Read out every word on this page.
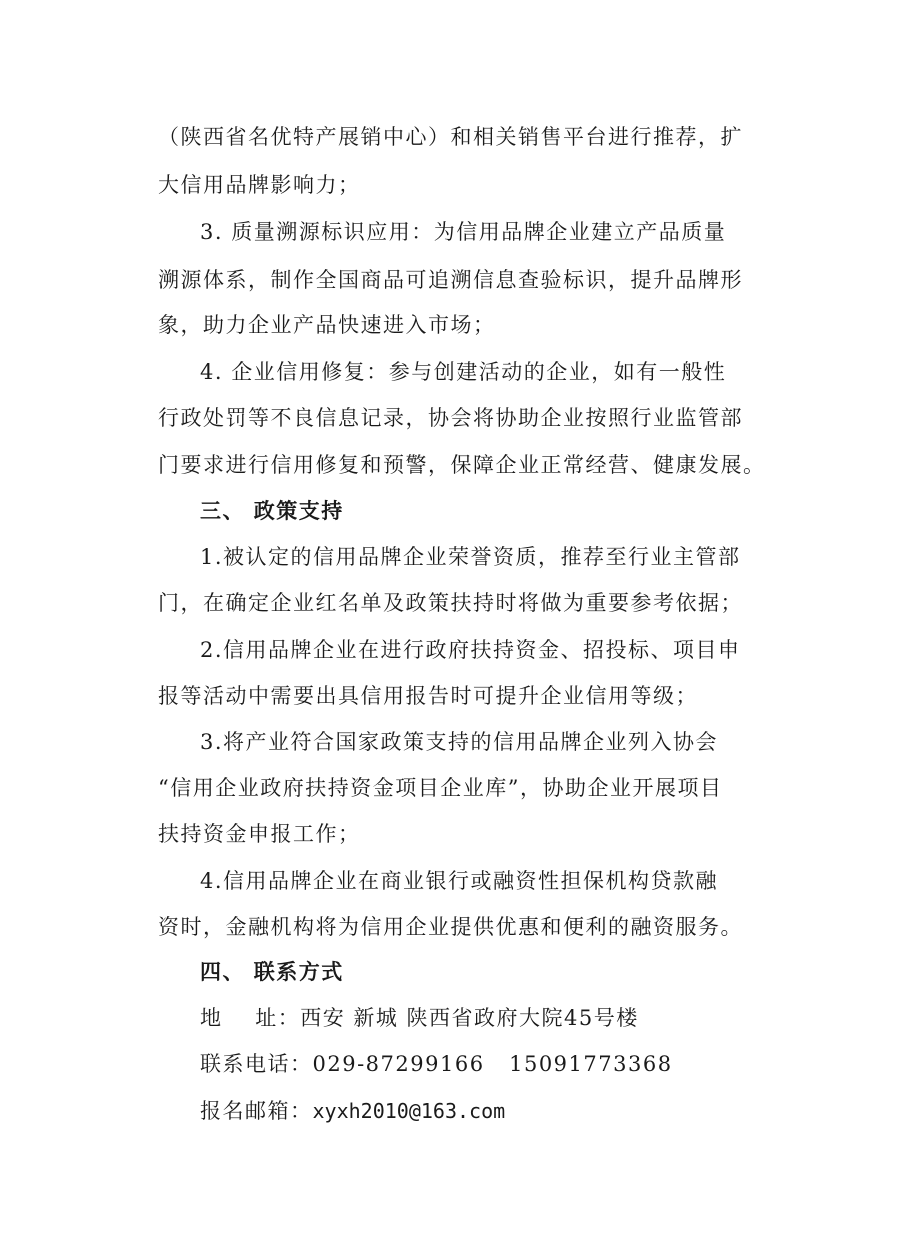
（陕西省名优特产展销中心）和相关销售平台进行推荐，扩
大信用品牌影响力；
3. 质量溯源标识应用：为信用品牌企业建立产品质量
溯源体系，制作全国商品可追溯信息查验标识，提升品牌形
象，助力企业产品快速进入市场；
4. 企业信用修复：参与创建活动的企业，如有一般性
行政处罚等不良信息记录，协会将协助企业按照行业监管部
门要求进行信用修复和预警，保障企业正常经营、健康发展。
三、 政策支持
1.被认定的信用品牌企业荣誉资质，推荐至行业主管部
门，在确定企业红名单及政策扶持时将做为重要参考依据；
2.信用品牌企业在进行政府扶持资金、招投标、项目申
报等活动中需要出具信用报告时可提升企业信用等级；
3.将产业符合国家政策支持的信用品牌企业列入协会
“信用企业政府扶持资金项目企业库”，协助企业开展项目
扶持资金申报工作；
4.信用品牌企业在商业银行或融资性担保机构贷款融
资时，金融机构将为信用企业提供优惠和便利的融资服务。
四、 联系方式
地    址：西安 新城 陕西省政府大院45号楼
联系电话：029-87299166   15091773368
报名邮箱：xyxh2010@163.com
